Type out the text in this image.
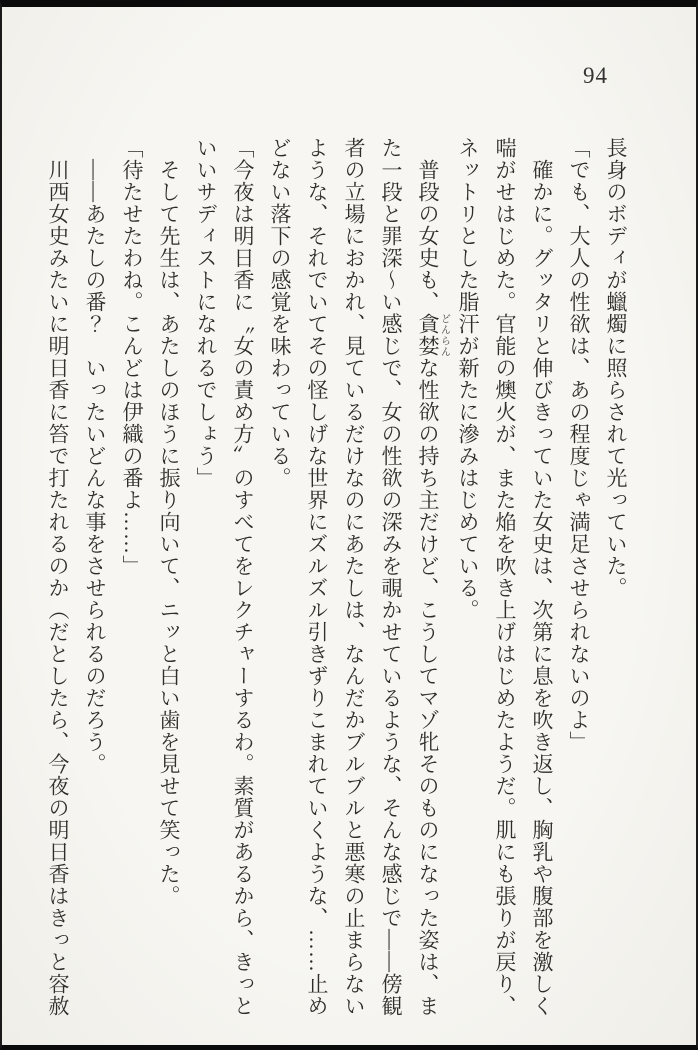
94

長身のボディが蠟燭に照らされて光っていた。

「でも、大人の性欲は、あの程度じゃ満足させられないのよ」

確かに。グッタリと伸びきっていた女史は、次第に息を吹き返し、胸乳や腹部を激しく喘がせはじめた。官能の燠火が、また焔を吹き上げはじめたようだ。肌にも張りが戻り、ネットリとした脂汗が新たに滲みはじめている。

普段の女史も、貪婪どんらんな性欲の持ち主だけど、こうしてマゾ牝そのものになった姿は、また一段と罪深〜い感じで、女の性欲の深みを覗かせているような、そんな感じで——傍観者の立場におかれ、見ているだけなのにあたしは、なんだかブルブルと悪寒の止まらないような、それでいてその怪しげな世界にズルズル引きずりこまれていくような、……止めどない落下の感覚を味わっている。

「今夜は明日香に〝女の責め方〟のすべてをレクチャーするわ。素質があるから、きっといいサディストになれるでしょう」

そして先生は、あたしのほうに振り向いて、ニッと白い歯を見せて笑った。

「待たせたわね。こんどは伊織の番よ……」

——あたしの番？　いったいどんな事をさせられるのだろう。

川西女史みたいに明日香に笞で打たれるのか（だとしたら、今夜の明日香はきっと容赦
